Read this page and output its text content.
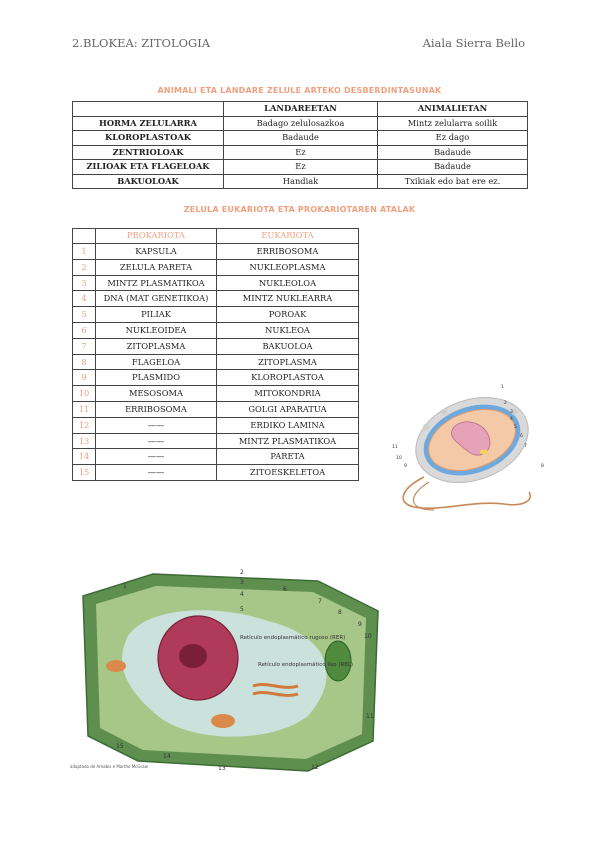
2.BLOKEA: ZITOLOGIA	Aiala Sierra Bello
ANIMALI ETA LANDARE ZELULE ARTEKO DESBERDINTASUNAK
	LANDAREETAN	ANIMALIETAN
HORMA ZELULARRA	Badago zelulosazkoa	Mintz zelularra soilik
KLOROPLASTOAK	Badaude	Ez dago
ZENTRIOLOAK	Ez	Badaude
ZILIOAK ETA FLAGELOAK	Ez	Badaude
BAKUOLOAK	Handiak	Txikiak edo bat ere ez.
ZELULA EUKARIOTA ETA PROKARIOTAREN ATALAK
	PROKARIOTA	EUKARIOTA
1	KAPSULA	ERRIBOSOMA
2	ZELULA PARETA	NUKLEOPLASMA
3	MINTZ PLASMATIKOA	NUKLEOLOA
4	DNA (MAT GENETIKOA)	MINTZ NUKLEARRA
5	PILIAK	POROAK
6	NUKLEOIDEA	NUKLEOA
7	ZITOPLASMA	BAKUOLOA
8	FLAGELOA	ZITOPLASMA
9	PLASMIDO	KLOROPLASTOA
10	MESOSOMA	MITOKONDRIA
11	ERRIBOSOMA	GOLGI APARATUA
12	——	ERDIKO LAMINA
13	——	MINTZ PLASMATIKOA
14	——	PARETA
15	——	ZITOESKELETOA
1
2
3
4
5
6
7
8
9
10
11
1
2
3
4
5
6
7
8
9
10
11
12
13
14
15
Retículo endoplasmático rugoso (RER)
Retículo endoplasmático liso (REL)
adaptado de Amabis e Martho McGraw
